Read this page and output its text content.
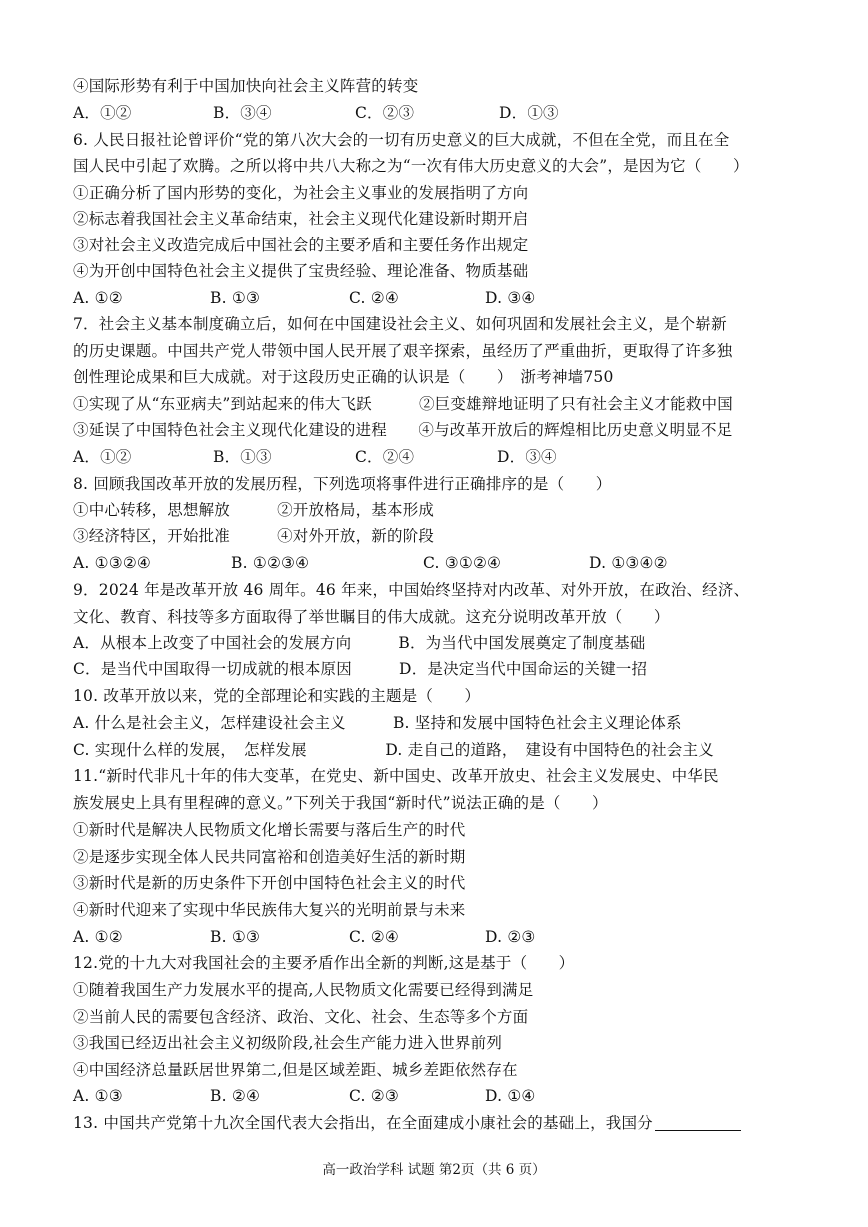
④国际形势有利于中国加快向社会主义阵营的转变
A．①②	B．③④	C．②③	D．①③
6. 人民日报社论曾评价“党的第八次大会的一切有历史意义的巨大成就，不但在全党，而且在全
国人民中引起了欢腾。之所以将中共八大称之为“一次有伟大历史意义的大会”，是因为它（　　）
①正确分析了国内形势的变化，为社会主义事业的发展指明了方向
②标志着我国社会主义革命结束，社会主义现代化建设新时期开启
③对社会主义改造完成后中国社会的主要矛盾和主要任务作出规定
④为开创中国特色社会主义提供了宝贵经验、理论准备、物质基础
A. ①②	B. ①③	C. ②④	D. ③④
7．社会主义基本制度确立后，如何在中国建设社会主义、如何巩固和发展社会主义，是个崭新
的历史课题。中国共产党人带领中国人民开展了艰辛探索，虽经历了严重曲折，更取得了许多独
创性理论成果和巨大成就。对于这段历史正确的认识是（　　）　浙考神墙750
①实现了从“东亚病夫”到站起来的伟大飞跃　　　②巨变雄辩地证明了只有社会主义才能救中国
③延误了中国特色社会主义现代化建设的进程　　④与改革开放后的辉煌相比历史意义明显不足
A．①②	B．①③	C．②④	D．③④
8. 回顾我国改革开放的发展历程，下列选项将事件进行正确排序的是（　　）
①中心转移，思想解放　　　②开放格局，基本形成
③经济特区，开始批准　　　④对外开放，新的阶段
A. ①③②④	B. ①②③④	C. ③①②④	D. ①③④②
9．2024 年是改革开放 46 周年。46 年来，中国始终坚持对内改革、对外开放，在政治、经济、
文化、教育、科技等多方面取得了举世瞩目的伟大成就。这充分说明改革开放（　　）
A．从根本上改变了中国社会的发展方向　　　B．为当代中国发展奠定了制度基础
C．是当代中国取得一切成就的根本原因　　　D．是决定当代中国命运的关键一招
10. 改革开放以来，党的全部理论和实践的主题是（　　）
A. 什么是社会主义，怎样建设社会主义　　　B. 坚持和发展中国特色社会主义理论体系
C. 实现什么样的发展，　怎样发展　　　　　D. 走自己的道路，　建设有中国特色的社会主义
11.“新时代非凡十年的伟大变革，在党史、新中国史、改革开放史、社会主义发展史、中华民
族发展史上具有里程碑的意义。”下列关于我国“新时代”说法正确的是（　　）
①新时代是解决人民物质文化增长需要与落后生产的时代
②是逐步实现全体人民共同富裕和创造美好生活的新时期
③新时代是新的历史条件下开创中国特色社会主义的时代
④新时代迎来了实现中华民族伟大复兴的光明前景与未来
A. ①②	B. ①③	C. ②④	D. ②③
12.党的十九大对我国社会的主要矛盾作出全新的判断,这是基于（　　）
①随着我国生产力发展水平的提高,人民物质文化需要已经得到满足
②当前人民的需要包含经济、政治、文化、社会、生态等多个方面
③我国已经迈出社会主义初级阶段,社会生产能力进入世界前列
④中国经济总量跃居世界第二,但是区域差距、城乡差距依然存在
A. ①③	B. ②④	C. ②③	D. ①④
13. 中国共产党第十九次全国代表大会指出，在全面建成小康社会的基础上，我国分
高一政治学科 试题 第2页（共 6 页）
